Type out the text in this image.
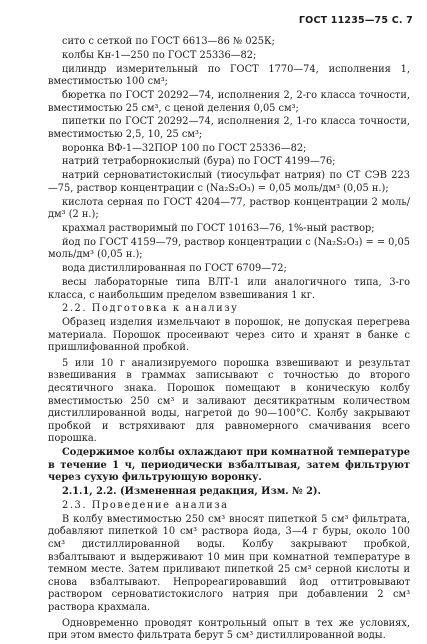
ГОСТ 11235—75 С. 7

сито с сеткой по ГОСТ 6613—86 № 025К;

колбы Кн-1—250 по ГОСТ 25336—82;

цилиндр измерительный по ГОСТ 1770—74, исполнения 1, вместимостью 100 см³;

бюретка по ГОСТ 20292—74, исполнения 2, 2-го класса точности, вместимостью 25 см³, с ценой деления 0,05 см³;

пипетки по ГОСТ 20292—74, исполнения 2, 1-го класса точности, вместимостью 2,5, 10, 25 см³;

воронка ВФ-1—32ПОР 100 по ГОСТ 25336—82;

натрий тетраборнокислый (бура) по ГОСТ 4199—76;

натрий серноватистокислый (тиосульфат натрия) по СТ СЭВ 223—75, раствор концентрации с (Na₂S₂O₃) = 0,05 моль/дм³ (0,05 н.);

кислота серная по ГОСТ 4204—77, раствор концентрации 2 моль/дм³ (2 н.);

крахмал растворимый по ГОСТ 10163—76, 1%-ный раствор;

йод по ГОСТ 4159—79, раствор концентрации с (Na₂S₂O₃) = = 0,05 моль/дм³ (0,05 н.);

вода дистиллированная по ГОСТ 6709—72;

весы лабораторные типа ВЛТ-1 или аналогичного типа, 3-го класса, с наибольшим пределом взвешивания 1 кг.

2.2. Подготовка к анализу

Образец изделия измельчают в порошок, не допуская перегрева материала. Порошок просеивают через сито и хранят в банке с пришлифованной пробкой.

5 или 10 г анализируемого порошка взвешивают и результат взвешивания в граммах записывают с точностью до второго десятичного знака. Порошок помещают в коническую колбу вместимостью 250 см³ и заливают десятикратным количеством дистиллированной воды, нагретой до 90—100°С. Колбу закрывают пробкой и встряхивают для равномерного смачивания всего порошка.

Содержимое колбы охлаждают при комнатной температуре в течение 1 ч, периодически взбалтывая, затем фильтруют через сухую фильтрующую воронку.

2.1.1, 2.2. (Измененная редакция, Изм. № 2).

2.3. Проведение анализа

В колбу вместимостью 250 см³ вносят пипеткой 5 см³ фильтрата, добавляют пипеткой 10 см³ раствора йода, 3—4 г буры, около 100 см³ дистиллированной воды. Колбу закрывают пробкой, взбалтывают и выдерживают 10 мин при комнатной температуре в темном месте. Затем приливают пипеткой 25 см³ серной кислоты и снова взбалтывают. Непрореагировавший йод оттитровывают раствором серноватистокислого натрия при добавлении 2 см³ раствора крахмала.

Одновременно проводят контрольный опыт в тех же условиях, при этом вместо фильтрата берут 5 см³ дистиллированной воды.
